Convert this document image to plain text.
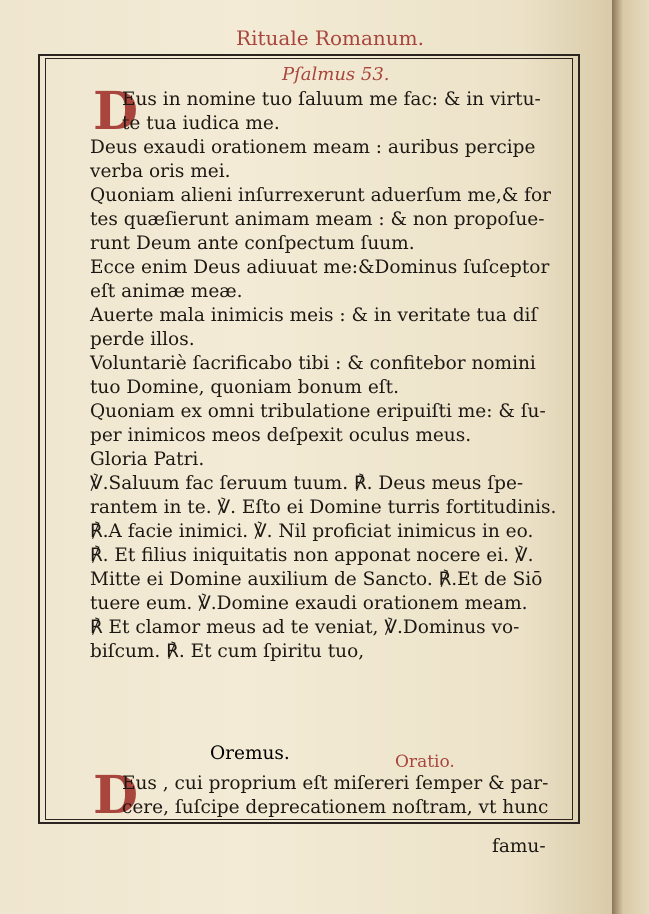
Rituale Romanum.
Pſalmus 53.
D
Eus in nomine tuo ſaluum me fac: & in virtu-
te tua iudica me.
Deus exaudi orationem meam : auribus percipe
verba oris mei.
Quoniam alieni inſurrexerunt aduerſum me,& for
tes quæſierunt animam meam : & non propoſue-
runt Deum ante conſpectum ſuum.
Ecce enim Deus adiuuat me:&Dominus ſuſceptor
eſt animæ meæ.
Auerte mala inimicis meis : & in veritate tua diſ
perde illos.
Voluntariè ſacrificabo tibi : & confitebor nomini
tuo Domine, quoniam bonum eſt.
Quoniam ex omni tribulatione eripuiſti me: & ſu-
per inimicos meos deſpexit oculus meus.
Gloria Patri.
℣.Saluum fac ſeruum tuum. ℟. Deus meus ſpe-
rantem in te. ℣. Eſto ei Domine turris fortitudinis.
℟.A facie inimici. ℣. Nil proficiat inimicus in eo.
℟. Et filius iniquitatis non apponat nocere ei. ℣.
Mitte ei Domine auxilium de Sancto. ℟.Et de Siō
tuere eum. ℣.Domine exaudi orationem meam.
℟ Et clamor meus ad te veniat, ℣.Dominus vo-
biſcum. ℟. Et cum ſpiritu tuo,
Oremus.	Oratio.
D
Eus , cui proprium eſt miſereri ſemper & par-
cere, ſuſcipe deprecationem noſtram, vt hunc
famu-
